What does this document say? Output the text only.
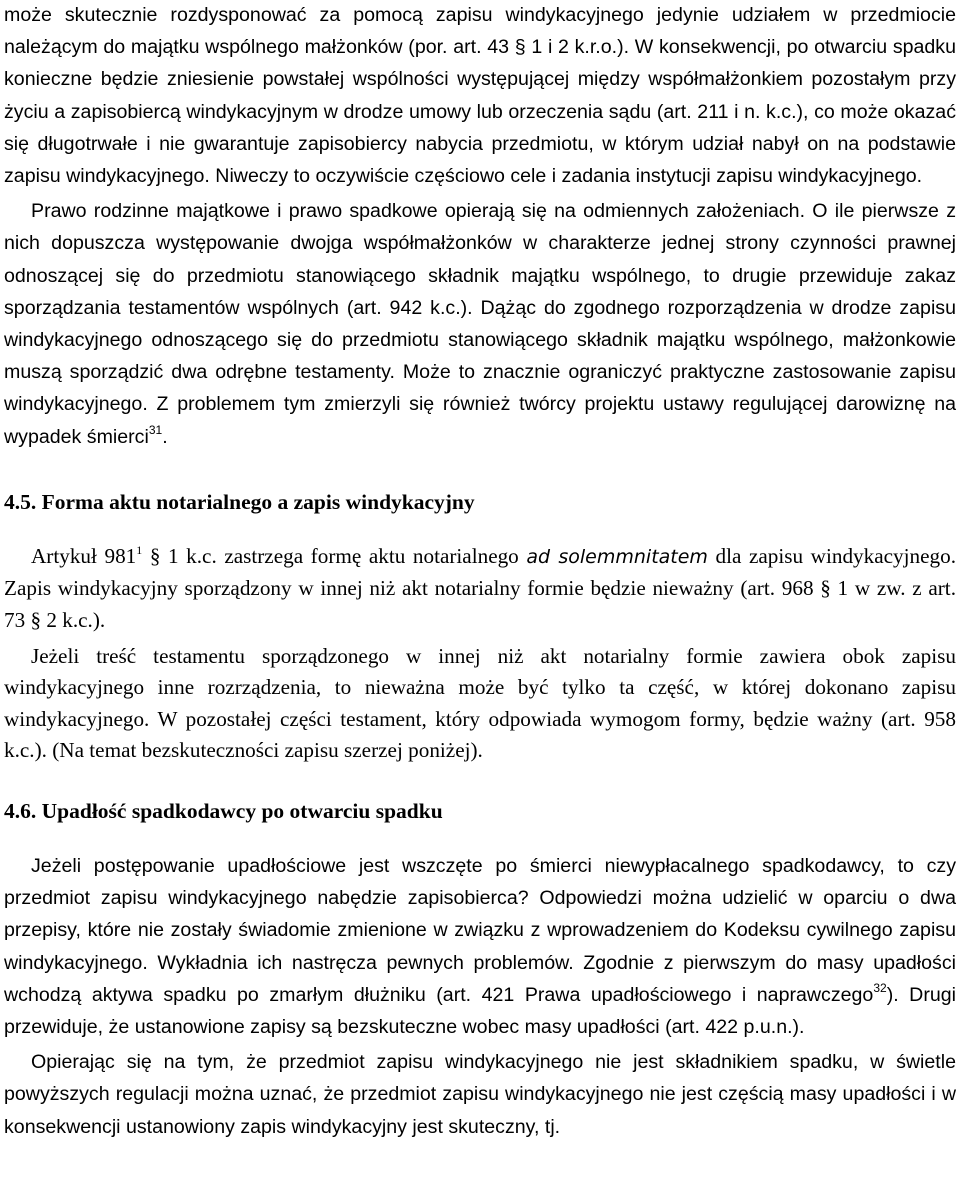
może skutecznie rozdysponować za pomocą zapisu windykacyjnego jedynie udziałem w przedmiocie należącym do majątku wspólnego małżonków (por. art. 43 § 1 i 2 k.r.o.). W konsekwencji, po otwarciu spadku konieczne będzie zniesienie powstałej wspólności występującej między współmałżonkiem pozostałym przy życiu a zapisobiercą windykacyjnym w drodze umowy lub orzeczenia sądu (art. 211 i n. k.c.), co może okazać się długotrwałe i nie gwarantuje zapisobiercy nabycia przedmiotu, w którym udział nabył on na podstawie zapisu windykacyjnego. Niweczy to oczywiście częściowo cele i zadania instytucji zapisu windykacyjnego.

Prawo rodzinne majątkowe i prawo spadkowe opierają się na odmiennych założeniach. O ile pierwsze z nich dopuszcza występowanie dwojga współmałżonków w charakterze jednej strony czynności prawnej odnoszącej się do przedmiotu stanowiącego składnik majątku wspólnego, to drugie przewiduje zakaz sporządzania testamentów wspólnych (art. 942 k.c.). Dążąc do zgodnego rozporządzenia w drodze zapisu windykacyjnego odnoszącego się do przedmiotu stanowiącego składnik majątku wspólnego, małżonkowie muszą sporządzić dwa odrębne testamenty. Może to znacznie ograniczyć praktyczne zastosowanie zapisu windykacyjnego. Z problemem tym zmierzyli się również twórcy projektu ustawy regulującej darowiznę na wypadek śmierci$^{31}$.

4.5. Forma aktu notarialnego a zapis windykacyjny

Artykuł $981^1$ § 1 k.c. zastrzega formę aktu notarialnego ad solemmnitatem dla zapisu windykacyjnego. Zapis windykacyjny sporządzony w innej niż akt notarialny formie będzie nieważny (art. 968 § 1 w zw. z art. 73 § 2 k.c.).

Jeżeli treść testamentu sporządzonego w innej niż akt notarialny formie zawiera obok zapisu windykacyjnego inne rozrządzenia, to nieważna może być tylko ta część, w której dokonano zapisu windykacyjnego. W pozostałej części testament, który odpowiada wymogom formy, będzie ważny (art. 958 k.c.). (Na temat bezskuteczności zapisu szerzej poniżej).

4.6. Upadłość spadkodawcy po otwarciu spadku

Jeżeli postępowanie upadłościowe jest wszczęte po śmierci niewypłacalnego spadkodawcy, to czy przedmiot zapisu windykacyjnego nabędzie zapisobierca? Odpowiedzi można udzielić w oparciu o dwa przepisy, które nie zostały świadomie zmienione w związku z wprowadzeniem do Kodeksu cywilnego zapisu windykacyjnego. Wykładnia ich nastręcza pewnych problemów. Zgodnie z pierwszym do masy upadłości wchodzą aktywa spadku po zmarłym dłużniku (art. 421 Prawa upadłościowego i naprawczego$^{32}$). Drugi przewiduje, że ustanowione zapisy są bezskuteczne wobec masy upadłości (art. 422 p.u.n.).

Opierając się na tym, że przedmiot zapisu windykacyjnego nie jest składnikiem spadku, w świetle powyższych regulacji można uznać, że przedmiot zapisu windykacyjnego nie jest częścią masy upadłości i w konsekwencji ustanowiony zapis windykacyjny jest skuteczny, tj.
